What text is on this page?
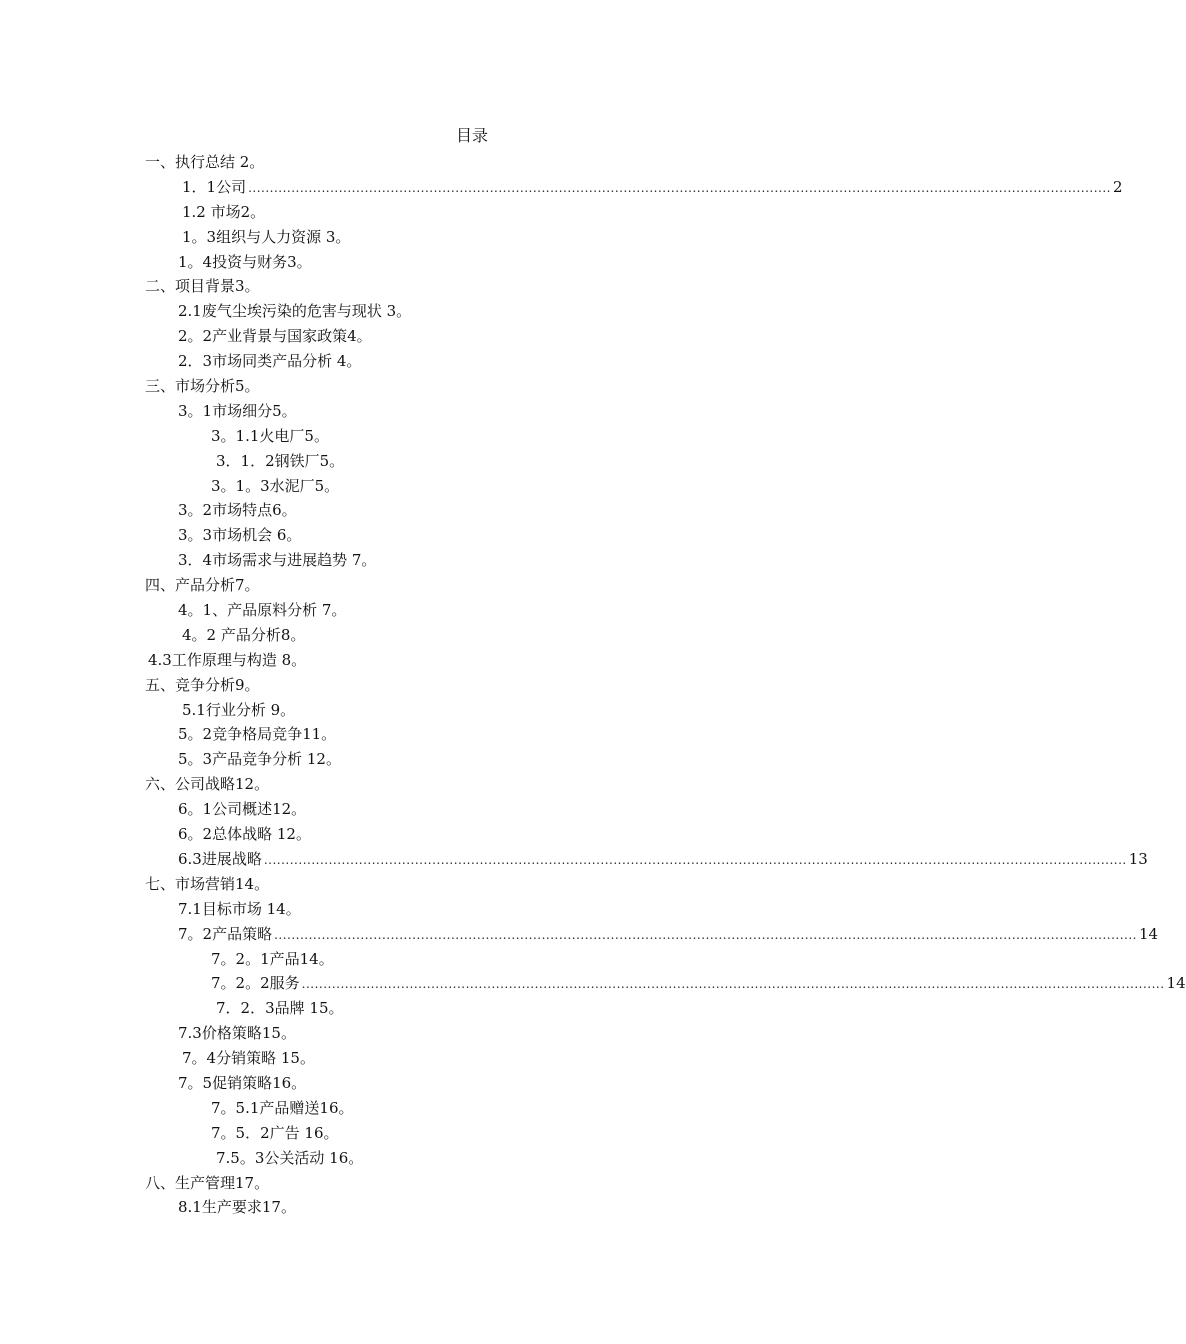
目录
一、执行总结 2。
1．1公司 ........................................................................................................................................................................................................ 2
1.2 市场2。
1。3组织与人力资源 3。
1。4投资与财务3。
二、项目背景3。
2.1废气尘埃污染的危害与现状 3。
2。2产业背景与国家政策4。
2．3市场同类产品分析 4。
三、市场分析5。
3。1市场细分5。
3。1.1火电厂5。
3．1．2钢铁厂5。
3。1。3水泥厂5。
3。2市场特点6。
3。3市场机会 6。
3．4市场需求与进展趋势 7。
四、产品分析7。
4。1、产品原料分析 7。
4。2 产品分析8。
4.3工作原理与构造 8。
五、竞争分析9。
5.1行业分析 9。
5。2竞争格局竞争11。
5。3产品竞争分析 12。
六、公司战略12。
6。1公司概述12。
6。2总体战略 12。
6.3进展战略 ........................................................................................................................................................................................................ 13
七、市场营销14。
7.1目标市场 14。
7。2产品策略 ........................................................................................................................................................................................................ 14
7。2。1产品14。
7。2。2服务 ........................................................................................................................................................................................................ 14
7．2．3品牌 15。
7.3价格策略15。
7。4分销策略 15。
7。5促销策略16。
7。5.1产品赠送16。
7。5．2广告 16。
7.5。3公关活动 16。
八、生产管理17。
8.1生产要求17。
